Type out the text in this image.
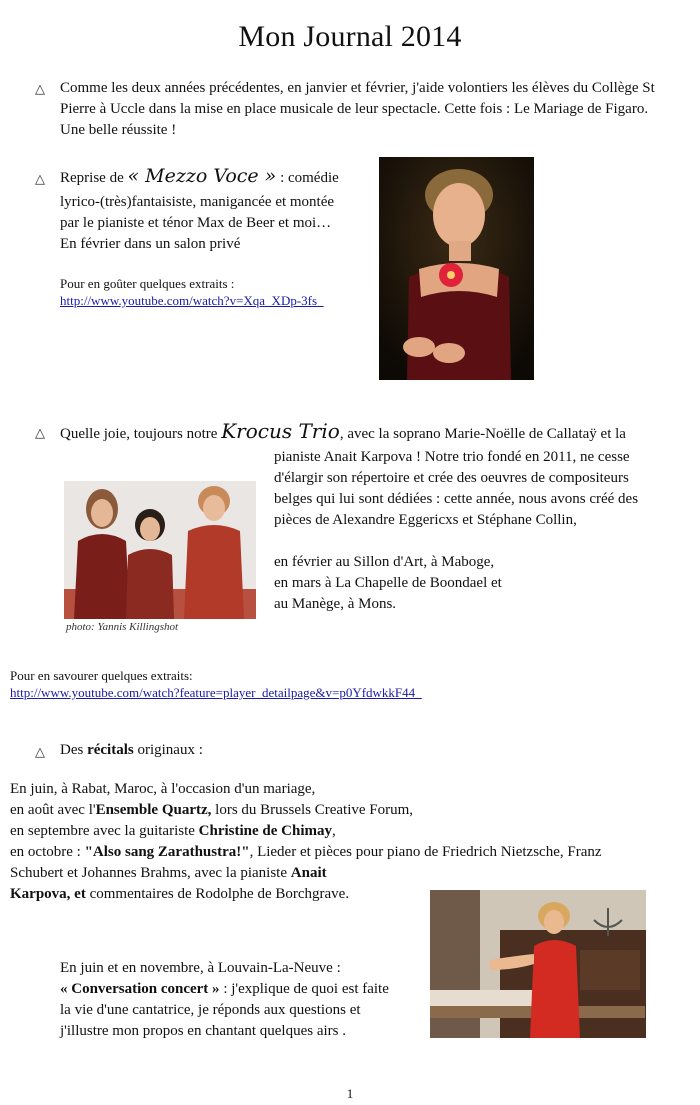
Mon Journal 2014
△ Comme les deux années précédentes, en janvier et février, j'aide volontiers les élèves du Collège St
Pierre à Uccle dans la mise en place musicale de leur spectacle. Cette fois : Le Mariage de Figaro.
Une belle réussite !
△ Reprise de « Mezzo Voce » : comédie
lyrico-(très)fantaisiste, manigancée et montée
par le pianiste et ténor Max de Beer et moi…
En février dans un salon privé
Pour en goûter quelques extraits :
http://www.youtube.com/watch?v=Xqa_XDp-3fs_
△ Quelle joie, toujours notre Krocus Trio, avec la soprano Marie-Noëlle de Callataÿ et la
pianiste Anait Karpova ! Notre trio fondé en 2011, ne cesse
d'élargir son répertoire et crée des oeuvres de compositeurs
belges qui lui sont dédiées : cette année, nous avons créé des
pièces de Alexandre Eggericxs et Stéphane Collin,
en février au Sillon d'Art, à Maboge,
en mars à La Chapelle de Boondael et
au Manège, à Mons.
photo: Yannis Killingshot
Pour en savourer quelques extraits:
http://www.youtube.com/watch?feature=player_detailpage&v=p0YfdwkkF44_
△ Des récitals originaux :
En juin, à Rabat, Maroc, à l'occasion d'un mariage,
en août avec l'Ensemble Quartz, lors du Brussels Creative Forum,
en septembre avec la guitariste Christine de Chimay,
en octobre : "Also sang Zarathustra!", Lieder et pièces pour piano de Friedrich Nietzsche, Franz
Schubert et Johannes Brahms, avec la pianiste Anait
Karpova, et commentaires de Rodolphe de Borchgrave.
En juin et en novembre, à Louvain-La-Neuve :
« Conversation concert » : j'explique de quoi est faite
la vie d'une cantatrice, je réponds aux questions et
j'illustre mon propos en chantant quelques airs .
1
